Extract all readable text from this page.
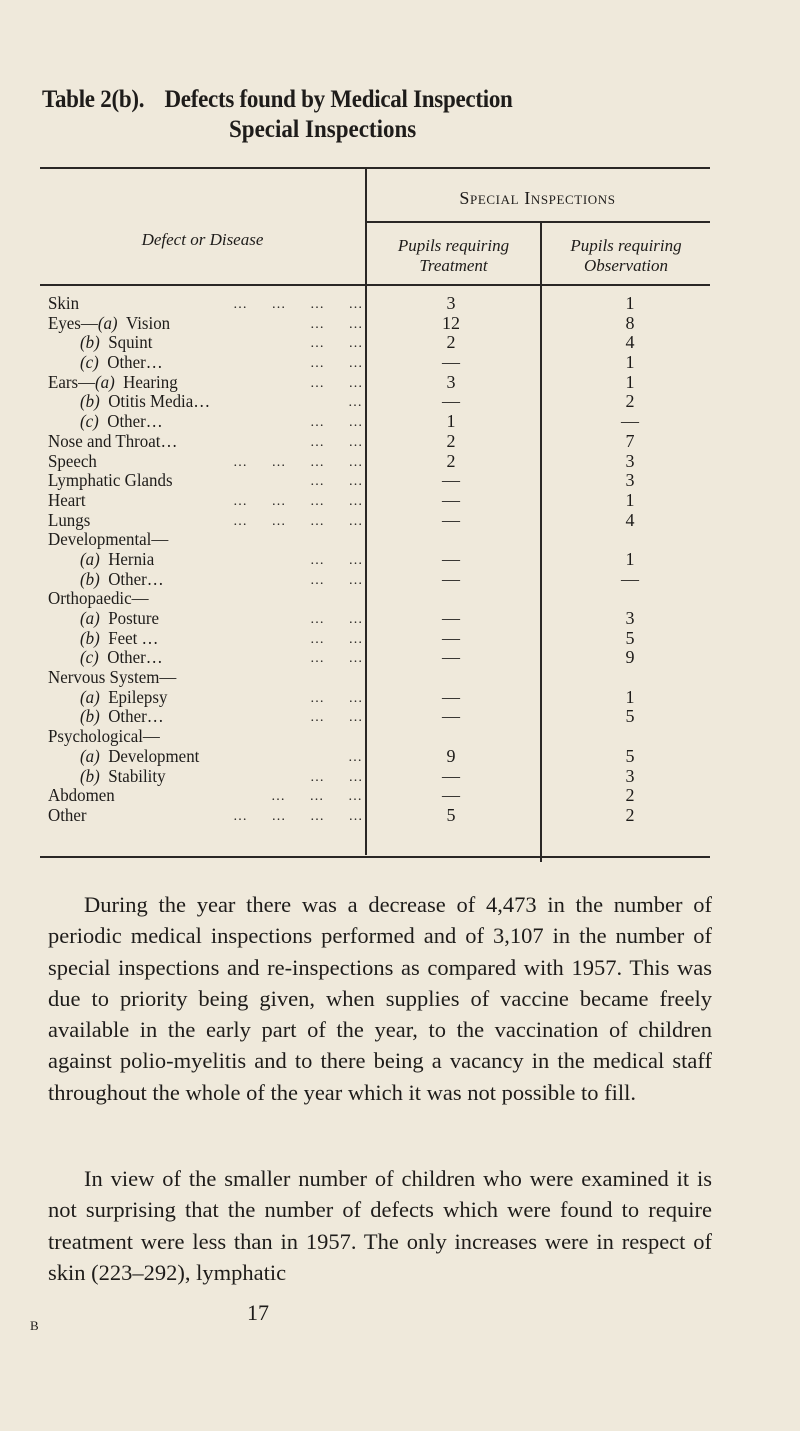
Table 2(b). Defects found by Medical Inspection
Special Inspections
Defect or Disease
Special Inspections
Pupils requiring
Treatment
Pupils requiring
Observation
Skin	…      …      …      …	3	1
Eyes—(a) Vision	…      …	12	8
(b) Squint	…      …	2	4
(c) Other…	…      …	—	1
Ears—(a) Hearing	…      …	3	1
(b) Otitis Media…	…	—	2
(c) Other…	…      …	1	—
Nose and Throat…	…      …	2	7
Speech	…      …      …      …	2	3
Lymphatic Glands	…      …	—	3
Heart	…      …      …      …	—	1
Lungs	…      …      …      …	—	4
Developmental—
(a) Hernia	…      …	—	1
(b) Other…	…      …	—	—
Orthopaedic—
(a) Posture	…      …	—	3
(b) Feet …	…      …	—	5
(c) Other…	…      …	—	9
Nervous System—
(a) Epilepsy	…      …	—	1
(b) Other…	…      …	—	5
Psychological—
(a) Development	…	9	5
(b) Stability	…      …	—	3
Abdomen	…      …      …	—	2
Other	…      …      …      …	5	2

During the year there was a decrease of 4,473 in the number of periodic medical inspections performed and of 3,107 in the number of special inspections and re-inspections as compared with 1957. This was due to priority being given, when supplies of vaccine became freely available in the early part of the year, to the vaccination of children against polio-myelitis and to there being a vacancy in the medical staff throughout the whole of the year which it was not possible to fill.

In view of the smaller number of children who were examined it is not surprising that the number of defects which were found to require treatment were less than in 1957. The only increases were in respect of skin (223–292), lymphatic

B
17
